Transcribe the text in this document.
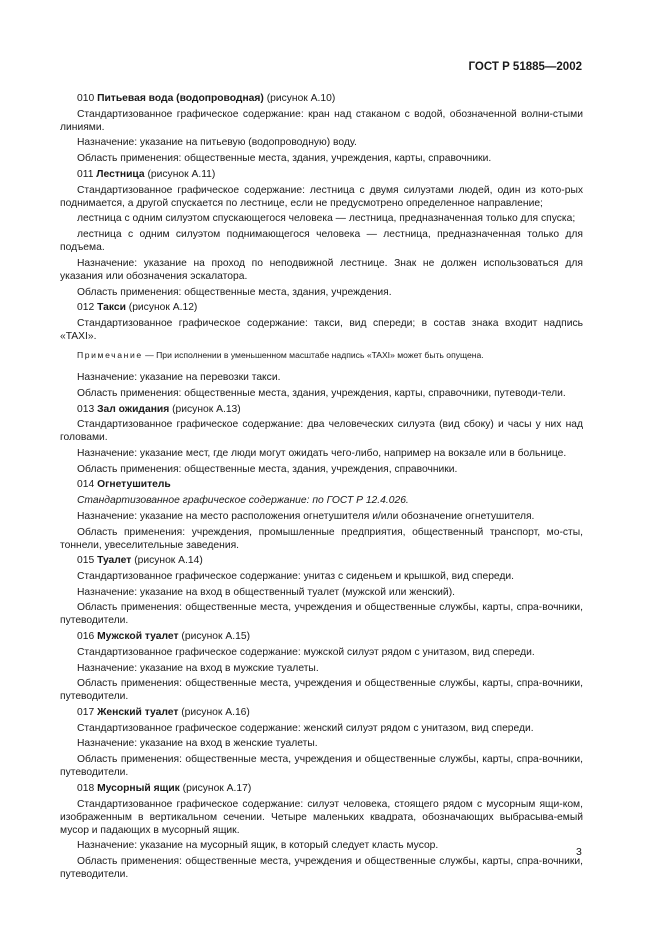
ГОСТ Р 51885—2002

010 Питьевая вода (водопроводная) (рисунок А.10)

Стандартизованное графическое содержание: кран над стаканом с водой, обозначенной волни-стыми линиями.

Назначение: указание на питьевую (водопроводную) воду.

Область применения: общественные места, здания, учреждения, карты, справочники.

011 Лестница (рисунок А.11)

Стандартизованное графическое содержание: лестница с двумя силуэтами людей, один из кото-рых поднимается, а другой спускается по лестнице, если не предусмотрено определенное направление;

лестница с одним силуэтом спускающегося человека — лестница, предназначенная только для спуска;

лестница с одним силуэтом поднимающегося человека — лестница, предназначенная только для подъема.

Назначение: указание на проход по неподвижной лестнице. Знак не должен использоваться для указания или обозначения эскалатора.

Область применения: общественные места, здания, учреждения.

012 Такси (рисунок А.12)

Стандартизованное графическое содержание: такси, вид спереди; в состав знака входит надпись «TAXI».

Примечание — При исполнении в уменьшенном масштабе надпись «TAXI» может быть опущена.

Назначение: указание на перевозки такси.

Область применения: общественные места, здания, учреждения, карты, справочники, путеводи-тели.

013 Зал ожидания (рисунок А.13)

Стандартизованное графическое содержание: два человеческих силуэта (вид сбоку) и часы у них над головами.

Назначение: указание мест, где люди могут ожидать чего-либо, например на вокзале или в больнице.

Область применения: общественные места, здания, учреждения, справочники.

014 Огнетушитель

Стандартизованное графическое содержание: по ГОСТ Р 12.4.026.

Назначение: указание на место расположения огнетушителя и/или обозначение огнетушителя.

Область применения: учреждения, промышленные предприятия, общественный транспорт, мо-сты, тоннели, увеселительные заведения.

015 Туалет (рисунок А.14)

Стандартизованное графическое содержание: унитаз с сиденьем и крышкой, вид спереди.

Назначение: указание на вход в общественный туалет (мужской или женский).

Область применения: общественные места, учреждения и общественные службы, карты, спра-вочники, путеводители.

016 Мужской туалет (рисунок А.15)

Стандартизованное графическое содержание: мужской силуэт рядом с унитазом, вид спереди.

Назначение: указание на вход в мужские туалеты.

Область применения: общественные места, учреждения и общественные службы, карты, спра-вочники, путеводители.

017 Женский туалет (рисунок А.16)

Стандартизованное графическое содержание: женский силуэт рядом с унитазом, вид спереди.

Назначение: указание на вход в женские туалеты.

Область применения: общественные места, учреждения и общественные службы, карты, спра-вочники, путеводители.

018 Мусорный ящик (рисунок А.17)

Стандартизованное графическое содержание: силуэт человека, стоящего рядом с мусорным ящи-ком, изображенным в вертикальном сечении. Четыре маленьких квадрата, обозначающих выбрасыва-емый мусор и падающих в мусорный ящик.

Назначение: указание на мусорный ящик, в который следует класть мусор.

Область применения: общественные места, учреждения и общественные службы, карты, спра-вочники, путеводители.

3
